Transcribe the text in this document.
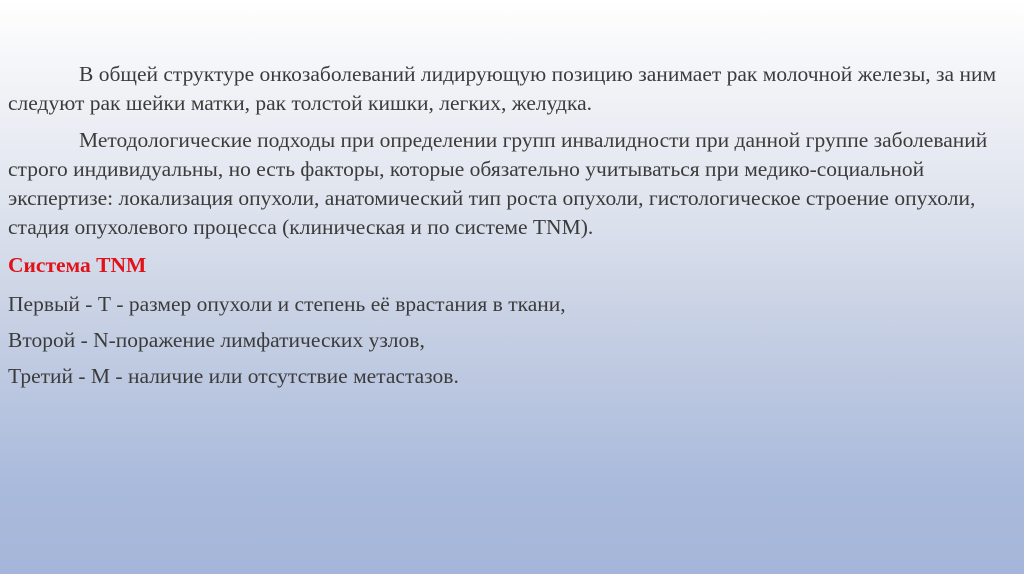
В общей структуре онкозаболеваний лидирующую позицию занимает рак молочной железы, за ним следуют рак шейки матки, рак толстой кишки, легких, желудка.

Методологические подходы при определении групп инвалидности при данной группе заболеваний строго индивидуальны, но есть факторы, которые обязательно учитываться при медико-социальной экспертизе: локализация опухоли, анатомический тип роста опухоли, гистологическое строение опухоли, стадия опухолевого процесса (клиническая и по системе TNM).

Система TNM

Первый - Т - размер опухоли и степень её врастания в ткани,

Второй - N-поражение лимфатических узлов,

Третий - М - наличие или отсутствие метастазов.
